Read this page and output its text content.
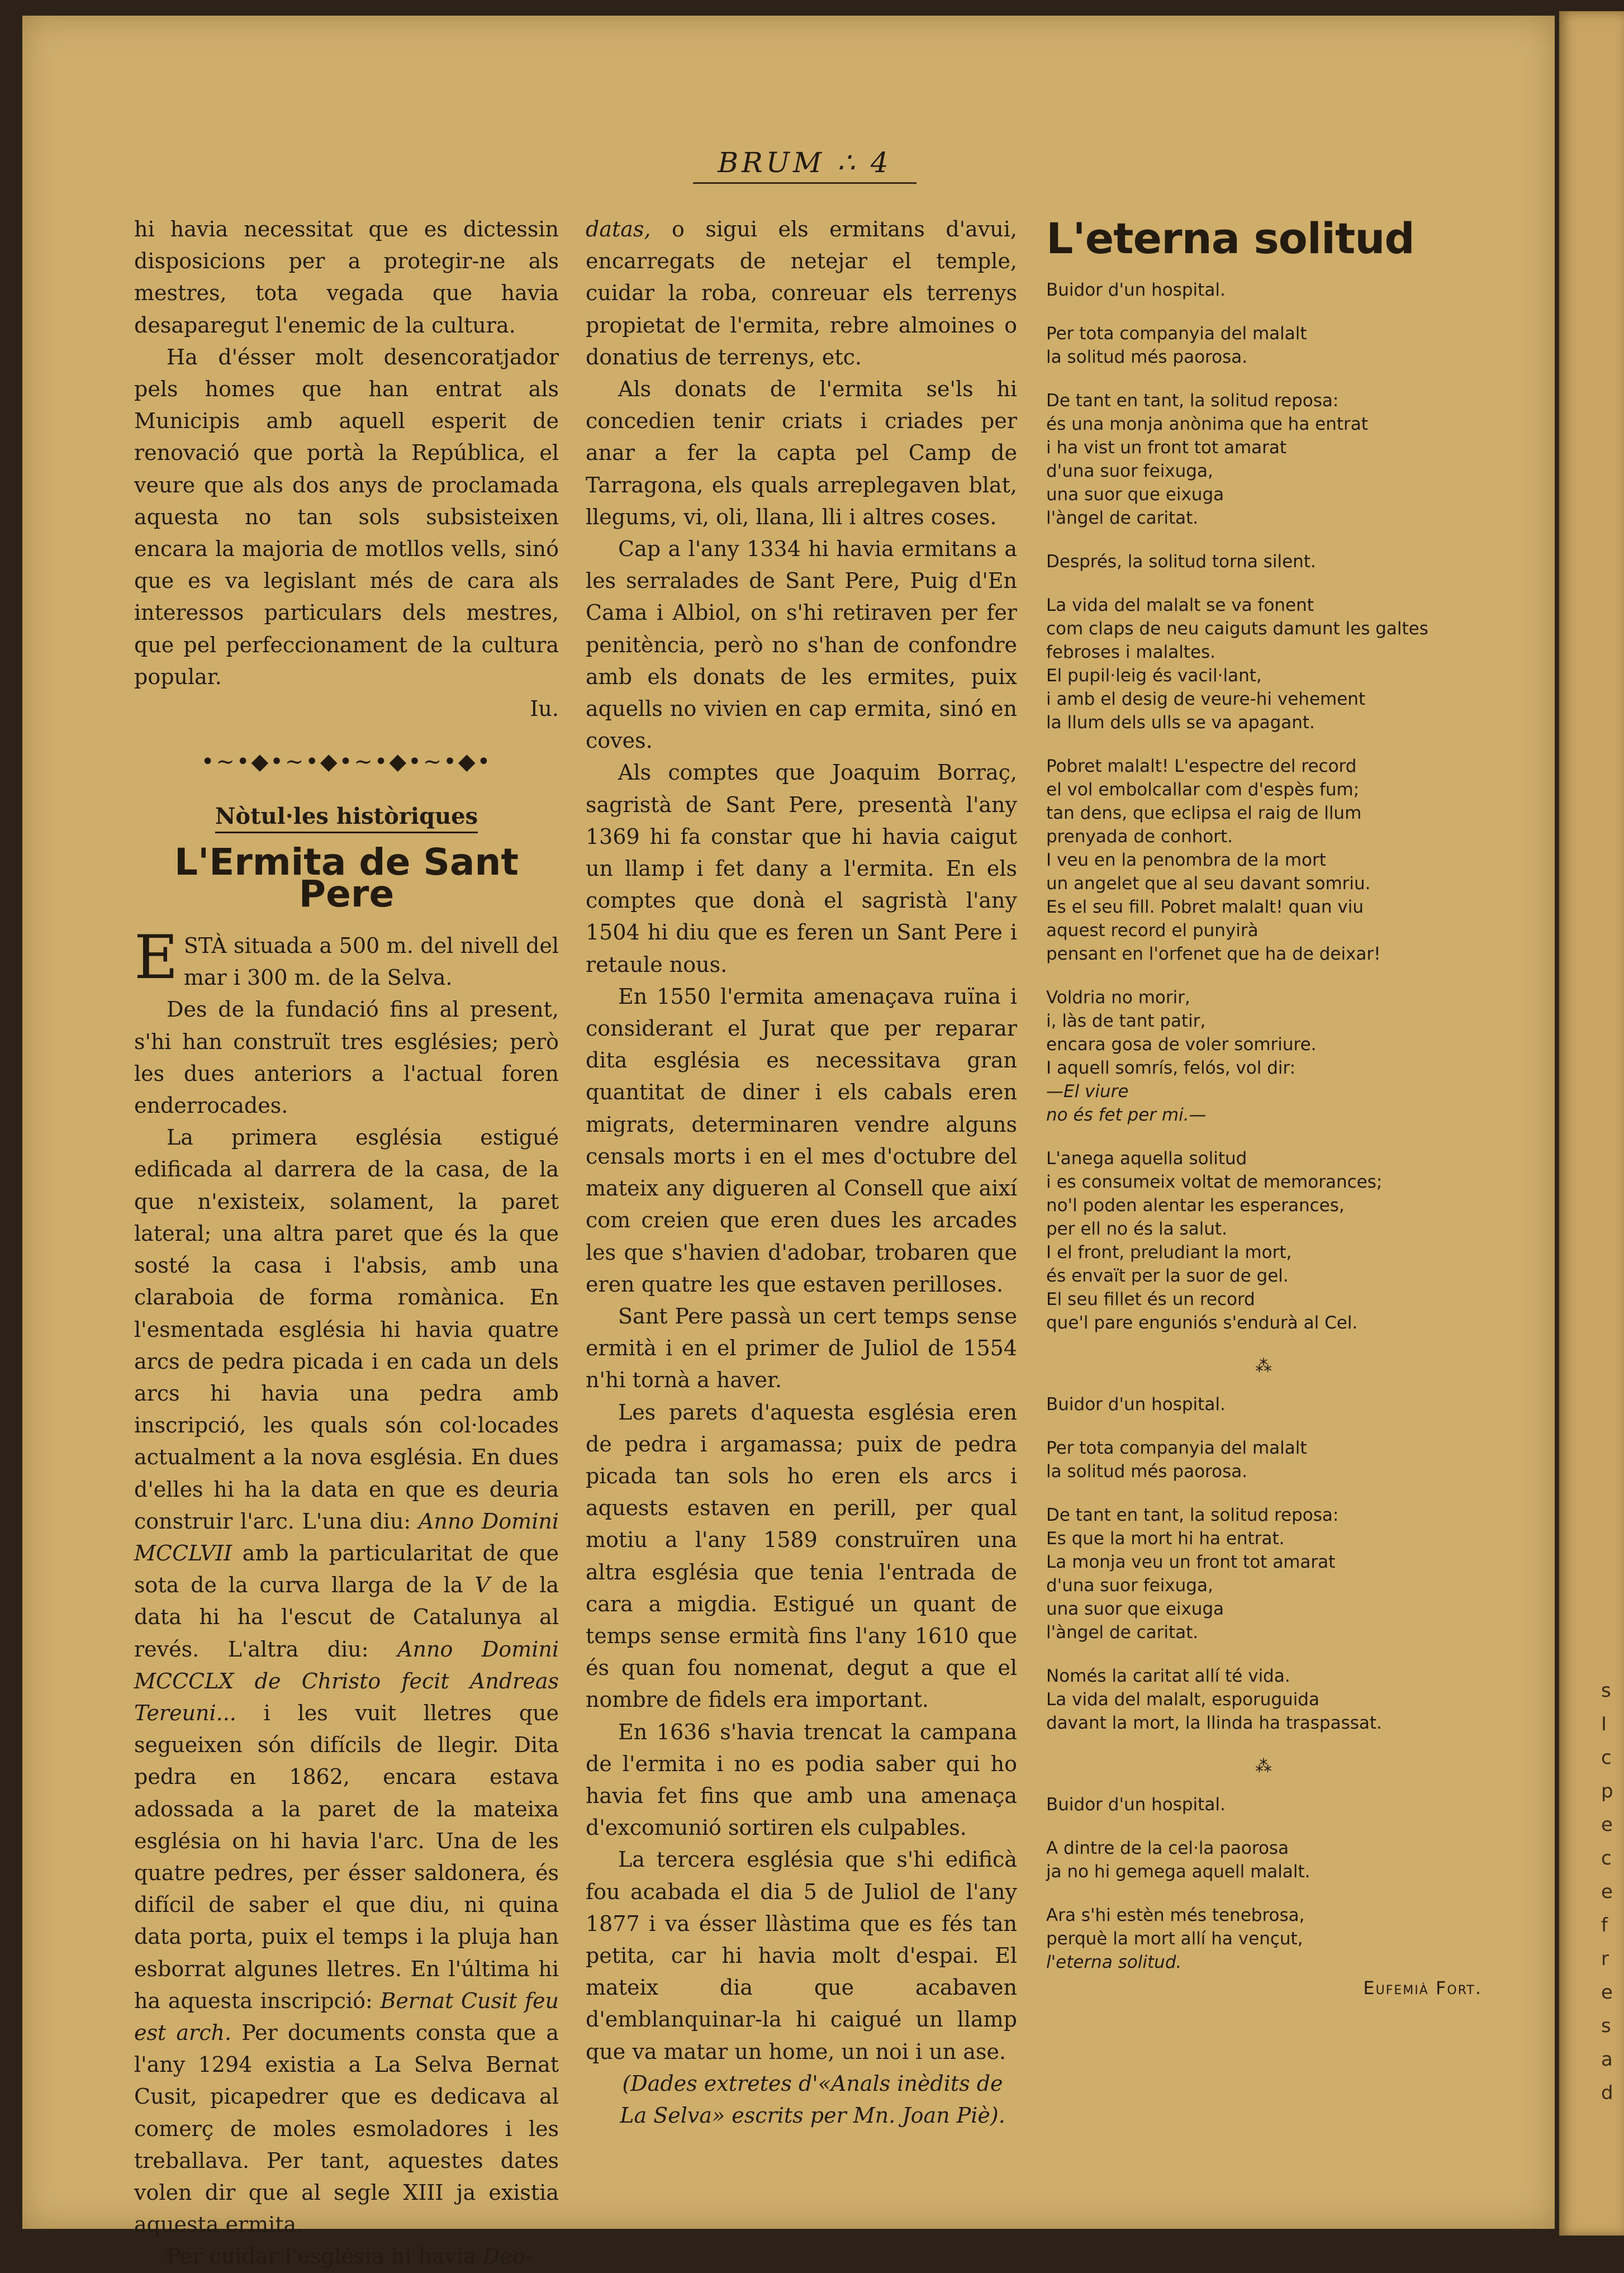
BRUM ∴ 4

hi havia necessitat que es dictessin disposicions per a protegir-ne als mestres, tota vegada que havia desaparegut l'enemic de la cultura.

Ha d'ésser molt desencoratjador pels homes que han entrat als Municipis amb aquell esperit de renovació que portà la República, el veure que als dos anys de proclamada aquesta no tan sols subsisteixen encara la majoria de motllos vells, sinó que es va legislant més de cara als interessos particulars dels mestres, que pel perfeccionament de la cultura popular.

Iu.

•~•◆•~•◆•~•◆•~•◆•
Nòtul·les històriques
L'Ermita de Sant Pere

ESTÀ situada a 500 m. del nivell del mar i 300 m. de la Selva.

Des de la fundació fins al present, s'hi han construït tres esglésies; però les dues anteriors a l'actual foren enderrocades.

La primera església estigué edificada al darrera de la casa, de la que n'existeix, solament, la paret lateral; una altra paret que és la que sosté la casa i l'absis, amb una claraboia de forma romànica. En l'esmentada església hi havia quatre arcs de pedra picada i en cada un dels arcs hi havia una pedra amb inscripció, les quals són col·locades actualment a la nova església. En dues d'elles hi ha la data en que es deuria construir l'arc. L'una diu: Anno Domini MCCLVII amb la particularitat de que sota de la curva llarga de la V de la data hi ha l'escut de Catalunya al revés. L'altra diu: Anno Domini MCCCLX de Christo fecit Andreas Tereuni... i les vuit lletres que segueixen són difícils de llegir. Dita pedra en 1862, encara estava adossada a la paret de la mateixa església on hi havia l'arc. Una de les quatre pedres, per ésser saldonera, és difícil de saber el que diu, ni quina data porta, puix el temps i la pluja han esborrat algunes lletres. En l'última hi ha aquesta inscripció: Bernat Cusit feu est arch. Per documents consta que a l'any 1294 existia a La Selva Bernat Cusit, picapedrer que es dedicava al comerç de moles esmoladores i les treballava. Per tant, aquestes dates volen dir que al segle XIII ja existia aquesta ermita.

Per cuidar l'església hi havia Deo-

datas, o sigui els ermitans d'avui, encarregats de netejar el temple, cuidar la roba, conreuar els terrenys propietat de l'ermita, rebre almoines o donatius de terrenys, etc.

Als donats de l'ermita se'ls hi concedien tenir criats i criades per anar a fer la capta pel Camp de Tarragona, els quals arreplegaven blat, llegums, vi, oli, llana, lli i altres coses.

Cap a l'any 1334 hi havia ermitans a les serralades de Sant Pere, Puig d'En Cama i Albiol, on s'hi retiraven per fer penitència, però no s'han de confondre amb els donats de les ermites, puix aquells no vivien en cap ermita, sinó en coves.

Als comptes que Joaquim Borraç, sagristà de Sant Pere, presentà l'any 1369 hi fa constar que hi havia caigut un llamp i fet dany a l'ermita. En els comptes que donà el sagristà l'any 1504 hi diu que es feren un Sant Pere i retaule nous.

En 1550 l'ermita amenaçava ruïna i considerant el Jurat que per reparar dita església es necessitava gran quantitat de diner i els cabals eren migrats, determinaren vendre alguns censals morts i en el mes d'octubre del mateix any digueren al Consell que així com creien que eren dues les arcades les que s'havien d'adobar, trobaren que eren quatre les que estaven perilloses.

Sant Pere passà un cert temps sense ermità i en el primer de Juliol de 1554 n'hi tornà a haver.

Les parets d'aquesta església eren de pedra i argamassa; puix de pedra picada tan sols ho eren els arcs i aquests estaven en perill, per qual motiu a l'any 1589 construïren una altra església que tenia l'entrada de cara a migdia. Estigué un quant de temps sense ermità fins l'any 1610 que és quan fou nomenat, degut a que el nombre de fidels era important.

En 1636 s'havia trencat la campana de l'ermita i no es podia saber qui ho havia fet fins que amb una amenaça d'excomunió sortiren els culpables.

La tercera església que s'hi edificà fou acabada el dia 5 de Juliol de l'any 1877 i va ésser llàstima que es fés tan petita, car hi havia molt d'espai. El mateix dia que acabaven d'emblanquinar-la hi caigué un llamp que va matar un home, un noi i un ase.

(Dades extretes d'«Anals inèdits de La Selva» escrits per Mn. Joan Piè).

L'eterna solitud
Buidor d'un hospital.
Per tota companyia del malalt
la solitud més paorosa.
De tant en tant, la solitud reposa:
és una monja anònima que ha entrat
i ha vist un front tot amarat
d'una suor feixuga,
una suor que eixuga
l'àngel de caritat.
Després, la solitud torna silent.
La vida del malalt se va fonent
com claps de neu caiguts damunt les galtes
febroses i malaltes.
El pupil·leig és vacil·lant,
i amb el desig de veure-hi vehement
la llum dels ulls se va apagant.
Pobret malalt! L'espectre del record
el vol embolcallar com d'espès fum;
tan dens, que eclipsa el raig de llum
prenyada de conhort.
I veu en la penombra de la mort
un angelet que al seu davant somriu.
Es el seu fill. Pobret malalt! quan viu
aquest record el punyirà
pensant en l'orfenet que ha de deixar!
Voldria no morir,
i, làs de tant patir,
encara gosa de voler somriure.
I aquell somrís, felós, vol dir:
—El viure
no és fet per mi.—
L'anega aquella solitud
i es consumeix voltat de memorances;
no'l poden alentar les esperances,
per ell no és la salut.
I el front, preludiant la mort,
és envaït per la suor de gel.
El seu fillet és un record
que'l pare enguniós s'endurà al Cel.
⁂
Buidor d'un hospital.
Per tota companyia del malalt
la solitud més paorosa.
De tant en tant, la solitud reposa:
Es que la mort hi ha entrat.
La monja veu un front tot amarat
d'una suor feixuga,
una suor que eixuga
l'àngel de caritat.
Només la caritat allí té vida.
La vida del malalt, esporuguida
davant la mort, la llinda ha traspassat.
⁂
Buidor d'un hospital.
A dintre de la cel·la paorosa
ja no hi gemega aquell malalt.
Ara s'hi estèn més tenebrosa,
perquè la mort allí ha vençut,
l'eterna solitud.
Eufemià Fort.
s
I
c
p
e
c
e
f
r
e
s
a
d
